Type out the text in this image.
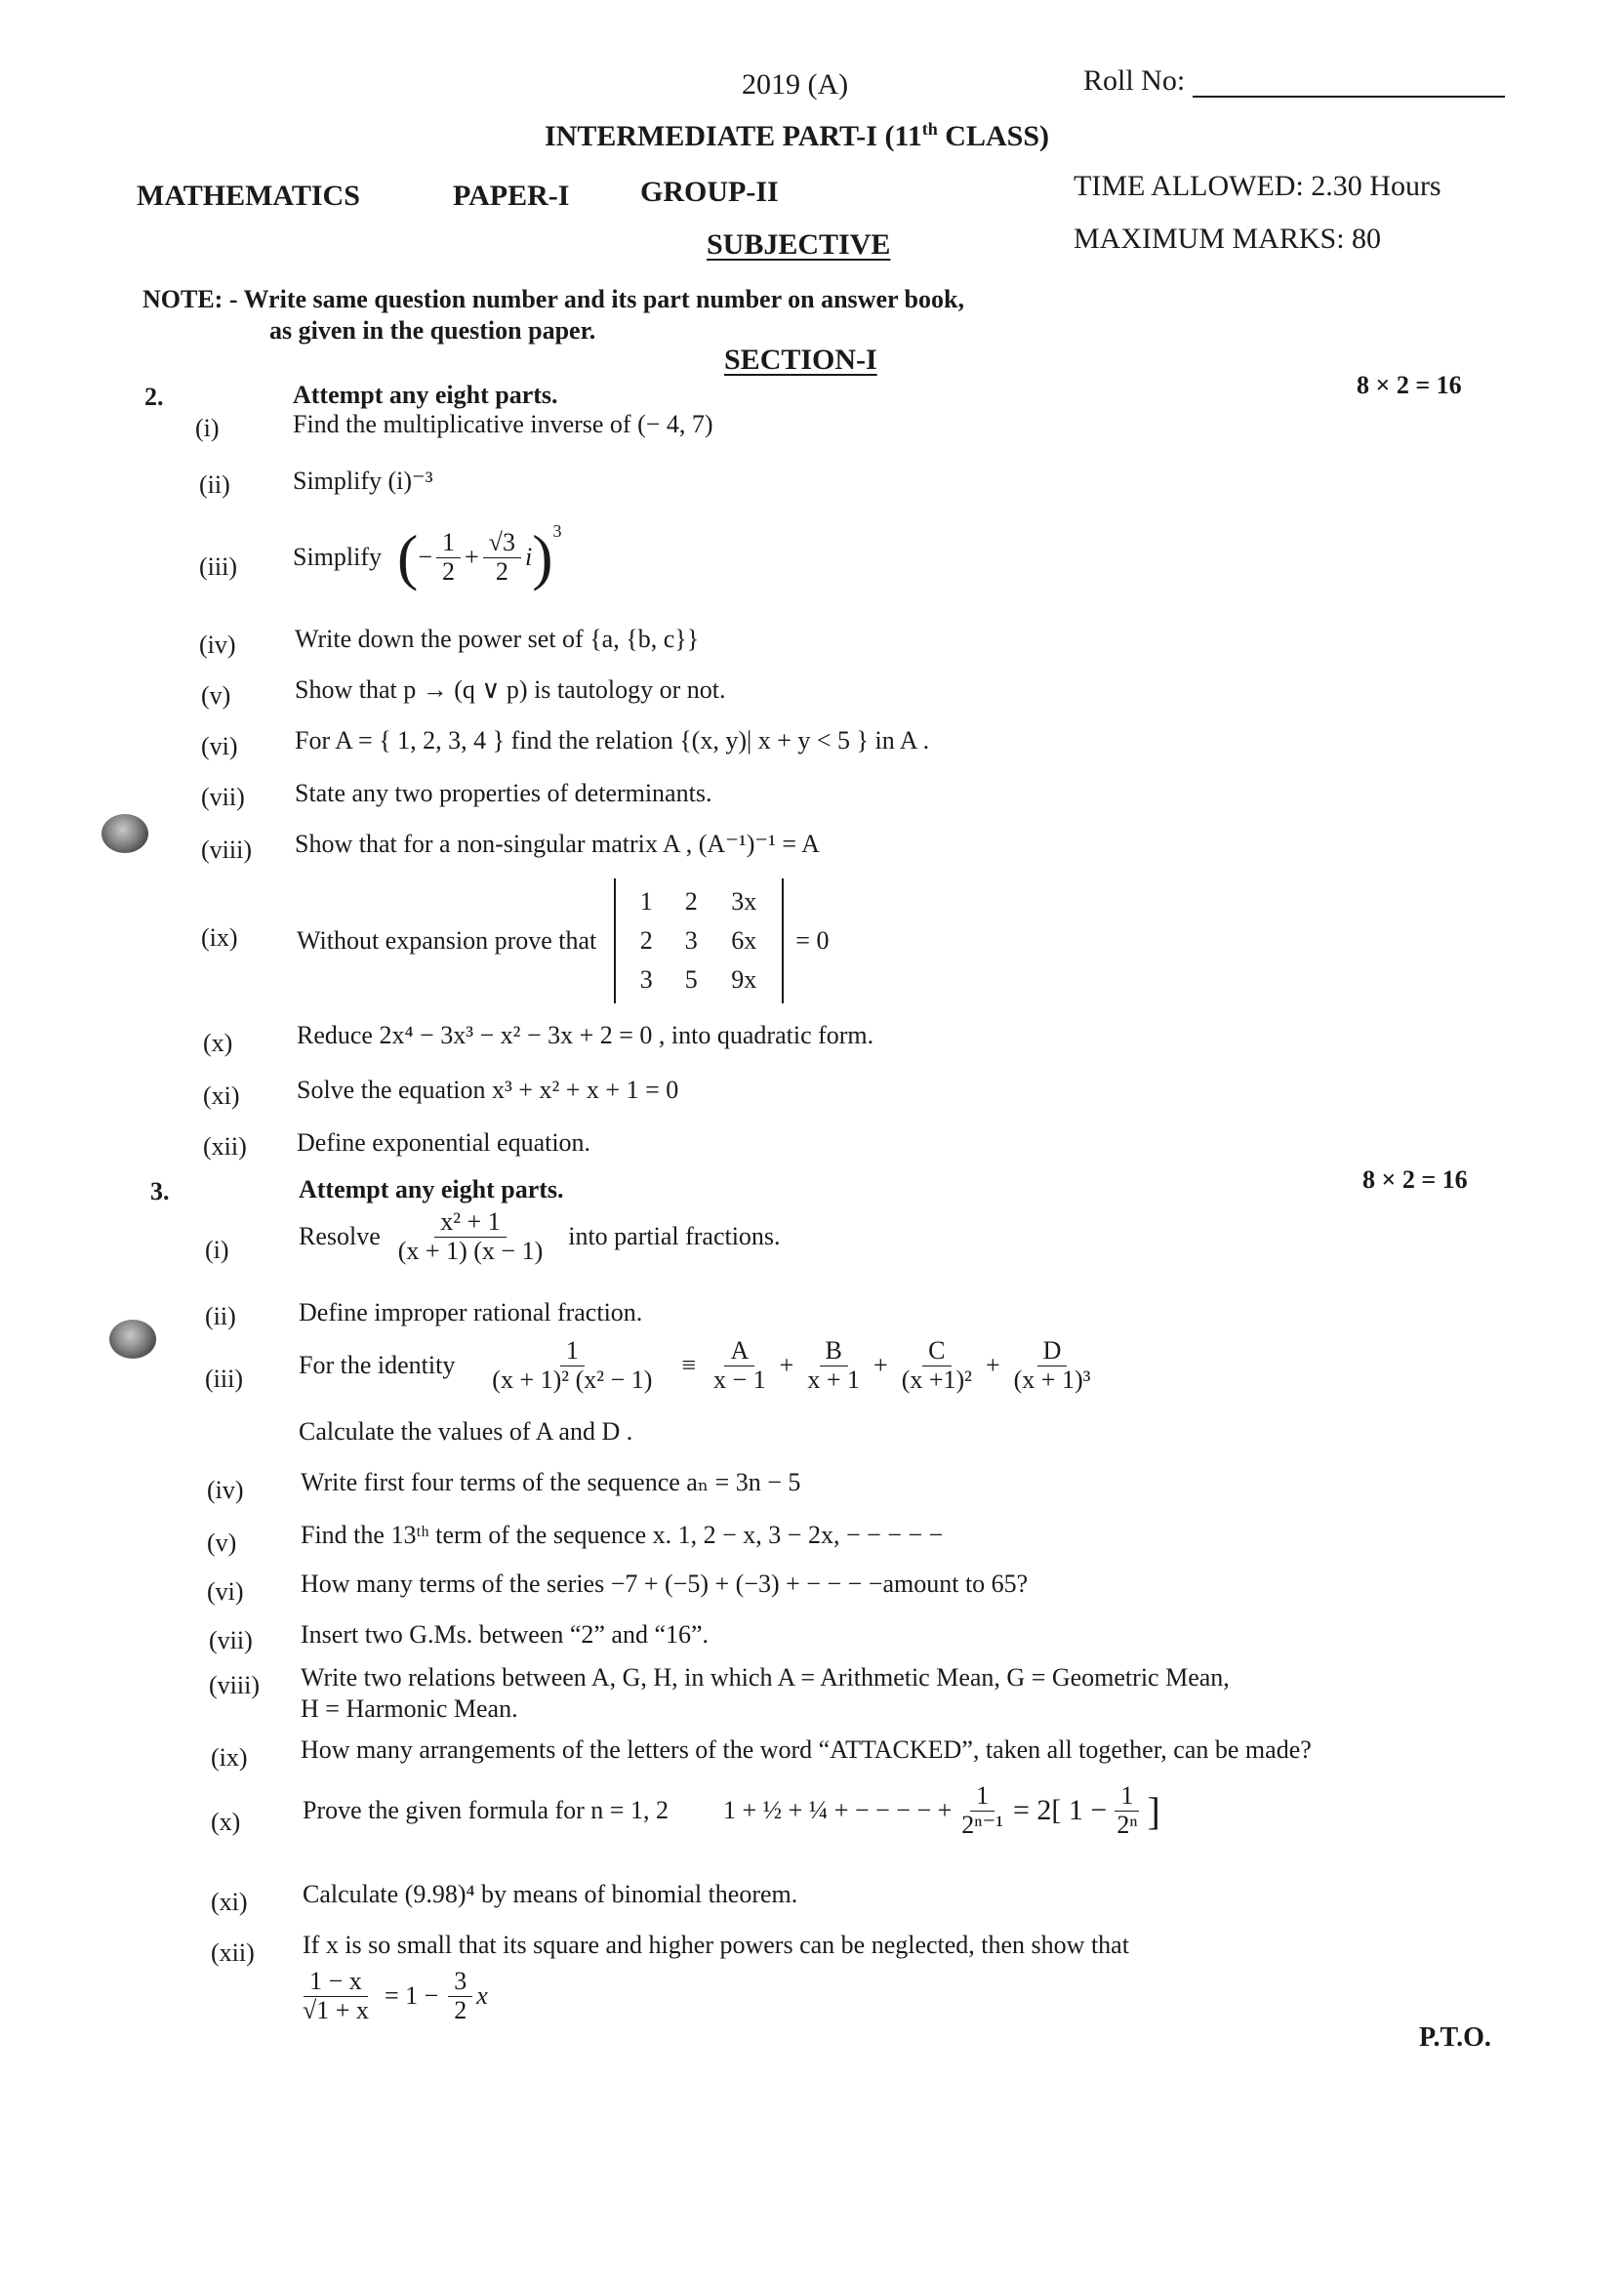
2019 (A)	Roll No:
INTERMEDIATE PART-I (11th CLASS)
MATHEMATICS	PAPER-I GROUP-II	TIME ALLOWED: 2.30 Hours
SUBJECTIVE	MAXIMUM MARKS: 80
NOTE: - Write same question number and its part number on answer book,
as given in the question paper.
SECTION-I
2.	Attempt any eight parts.	8 × 2 = 16
(i)	Find the multiplicative inverse of (− 4, 7)
(ii)	Simplify (i)⁻³
(iii)	Simplify ( − $\frac{1}{2} + \frac{√3}{2}$ i ) 3
(iv)	Write down the power set of {a, {b, c}}
(v)	Show that p → (q ∨ p) is tautology or not.
(vi)	For A = { 1, 2, 3, 4 } find the relation {(x, y)| x + y < 5 } in A .
(vii)	State any two properties of determinants.
(viii)	Show that for a non-singular matrix A , (A⁻¹)⁻¹ = A
(ix)	Without expansion prove that
1	2	3x
2	3	6x
3	5	9x
= 0
(x)	Reduce 2x⁴ − 3x³ − x² − 3x + 2 = 0 , into quadratic form.
(xi)	Solve the equation x³ + x² + x + 1 = 0
(xii)	Define exponential equation.
3.	Attempt any eight parts.	8 × 2 = 16
(i)	Resolve $\frac{\text{x² + 1}}{(x + 1) (x - 1)}$ into partial fractions.
(ii)	Define improper rational fraction.
(iii)	For the identity $\frac{1}{\text{(x + 1)² (x² − 1)}} \equiv \frac{A}{x - 1} + \frac{B}{x + 1} + \frac{C}{\text{(x +1)²}} + \frac{D}{\text{(x + 1)³}}$
Calculate the values of A and D .
(iv)	Write first four terms of the sequence aₙ = 3n − 5
(v)	Find the 13ᵗʰ term of the sequence x. 1, 2 − x, 3 − 2x, − − − − −
(vi)	How many terms of the series −7 + (−5) + (−3) + − − − −amount to 65?
(vii)	Insert two G.Ms. between “2” and “16”.
(viii)	Write two relations between A, G, H, in which A = Arithmetic Mean, G = Geometric Mean,
H = Harmonic Mean.
(ix)	How many arrangements of the letters of the word “ATTACKED”, taken all together, can be made?
(x)	Prove the given formula for n = 1, 2 1 + ½ + ¼ + − − − − + $\frac{1}{\text{2ⁿ⁻¹}} = 2$[ $1 - \frac{1}{\text{2ⁿ}}$ ]
(xi)	Calculate (9.98)⁴ by means of binomial theorem.
(xii)	If x is so small that its square and higher powers can be neglected, then show that
$\frac{1 - x}{√1 + x} = 1 - \frac{3}{2}$ x
P.T.O.
